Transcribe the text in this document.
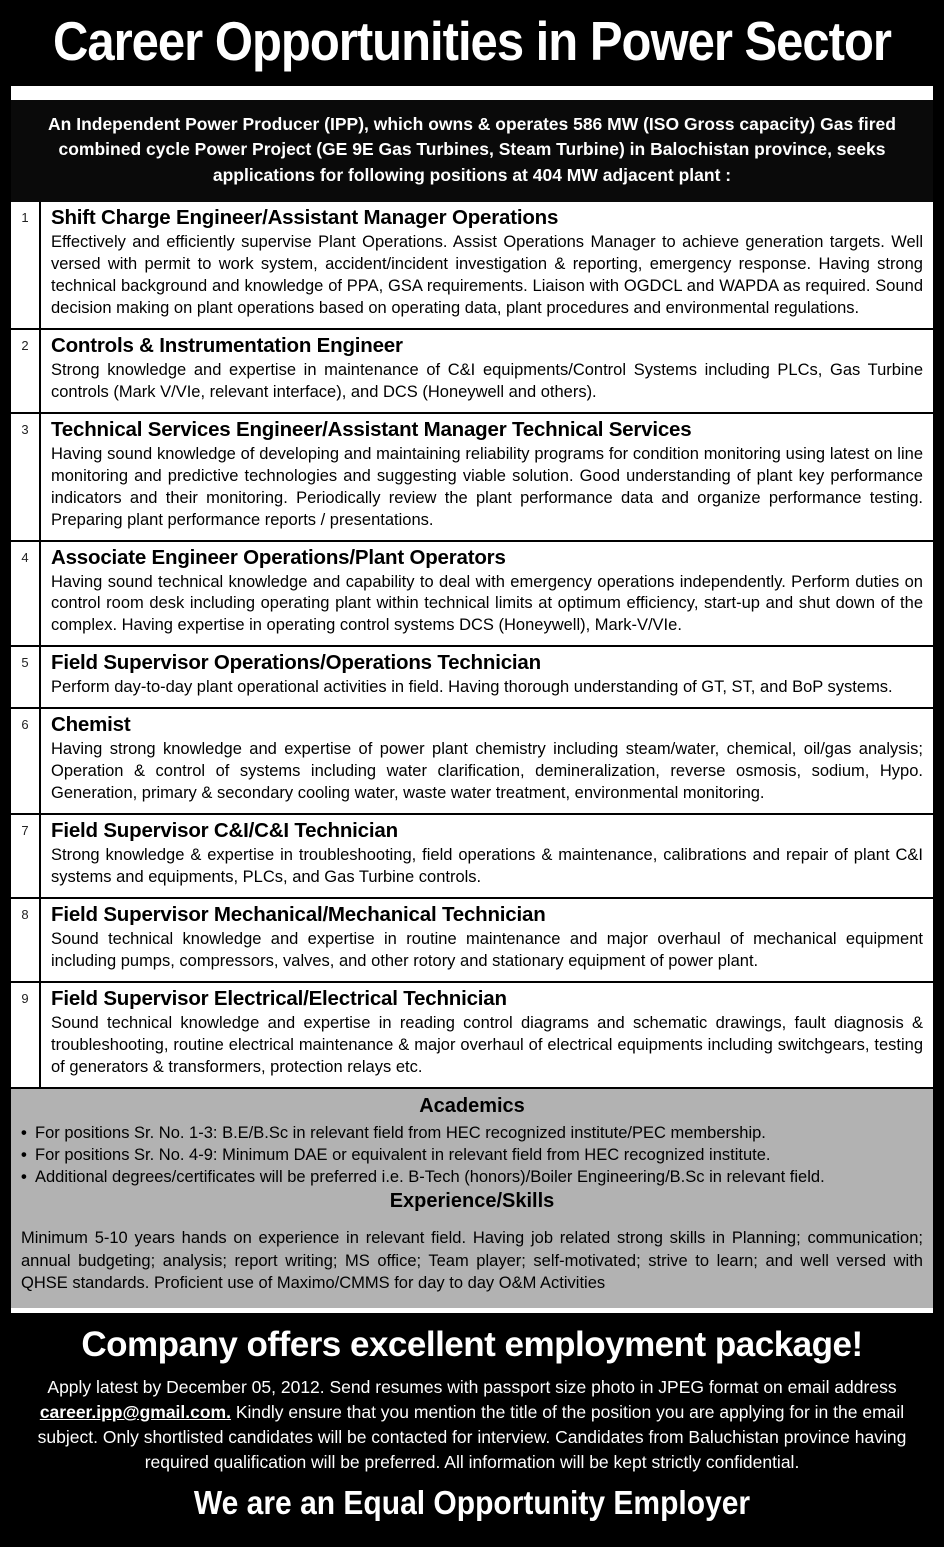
Career Opportunities in Power Sector

An Independent Power Producer (IPP), which owns & operates 586 MW (ISO Gross capacity) Gas fired combined cycle Power Project (GE 9E Gas Turbines, Steam Turbine) in Balochistan province, seeks applications for following positions at 404 MW adjacent plant :

1	Shift Charge Engineer/Assistant Manager Operations
Effectively and efficiently supervise Plant Operations. Assist Operations Manager to achieve generation targets. Well versed with permit to work system, accident/incident investigation & reporting, emergency response. Having strong technical background and knowledge of PPA, GSA requirements. Liaison with OGDCL and WAPDA as required. Sound decision making on plant operations based on operating data, plant procedures and environmental regulations.
2	Controls & Instrumentation Engineer
Strong knowledge and expertise in maintenance of C&I equipments/Control Systems including PLCs, Gas Turbine controls (Mark V/VIe, relevant interface), and DCS (Honeywell and others).
3	Technical Services Engineer/Assistant Manager Technical Services
Having sound knowledge of developing and maintaining reliability programs for condition monitoring using latest on line monitoring and predictive technologies and suggesting viable solution. Good understanding of plant key performance indicators and their monitoring. Periodically review the plant performance data and organize performance testing. Preparing plant performance reports / presentations.
4	Associate Engineer Operations/Plant Operators
Having sound technical knowledge and capability to deal with emergency operations independently. Perform duties on control room desk including operating plant within technical limits at optimum efficiency, start-up and shut down of the complex. Having expertise in operating control systems DCS (Honeywell), Mark-V/VIe.
5	Field Supervisor Operations/Operations Technician
Perform day-to-day plant operational activities in field. Having thorough understanding of GT, ST, and BoP systems.
6	Chemist
Having strong knowledge and expertise of power plant chemistry including steam/water, chemical, oil/gas analysis; Operation & control of systems including water clarification, demineralization, reverse osmosis, sodium, Hypo. Generation, primary & secondary cooling water, waste water treatment, environmental monitoring.
7	Field Supervisor C&I/C&I Technician
Strong knowledge & expertise in troubleshooting, field operations & maintenance, calibrations and repair of plant C&I systems and equipments, PLCs, and Gas Turbine controls.
8	Field Supervisor Mechanical/Mechanical Technician
Sound technical knowledge and expertise in routine maintenance and major overhaul of mechanical equipment including pumps, compressors, valves, and other rotory and stationary equipment of power plant.
9	Field Supervisor Electrical/Electrical Technician
Sound technical knowledge and expertise in reading control diagrams and schematic drawings, fault diagnosis & troubleshooting, routine electrical maintenance & major overhaul of electrical equipments including switchgears, testing of generators & transformers, protection relays etc.
Academics
• For positions Sr. No. 1-3: B.E/B.Sc in relevant field from HEC recognized institute/PEC membership.
• For positions Sr. No. 4-9: Minimum DAE or equivalent in relevant field from HEC recognized institute.
• Additional degrees/certificates will be preferred i.e. B-Tech (honors)/Boiler Engineering/B.Sc in relevant field.
Experience/Skills

Minimum 5-10 years hands on experience in relevant field. Having job related strong skills in Planning; communication; annual budgeting; analysis; report writing; MS office; Team player; self-motivated; strive to learn; and well versed with QHSE standards. Proficient use of Maximo/CMMS for day to day O&M Activities

Company offers excellent employment package!

Apply latest by December 05, 2012. Send resumes with passport size photo in JPEG format on email address career.ipp@gmail.com. Kindly ensure that you mention the title of the position you are applying for in the email subject. Only shortlisted candidates will be contacted for interview. Candidates from Baluchistan province having required qualification will be preferred. All information will be kept strictly confidential.

We are an Equal Opportunity Employer
